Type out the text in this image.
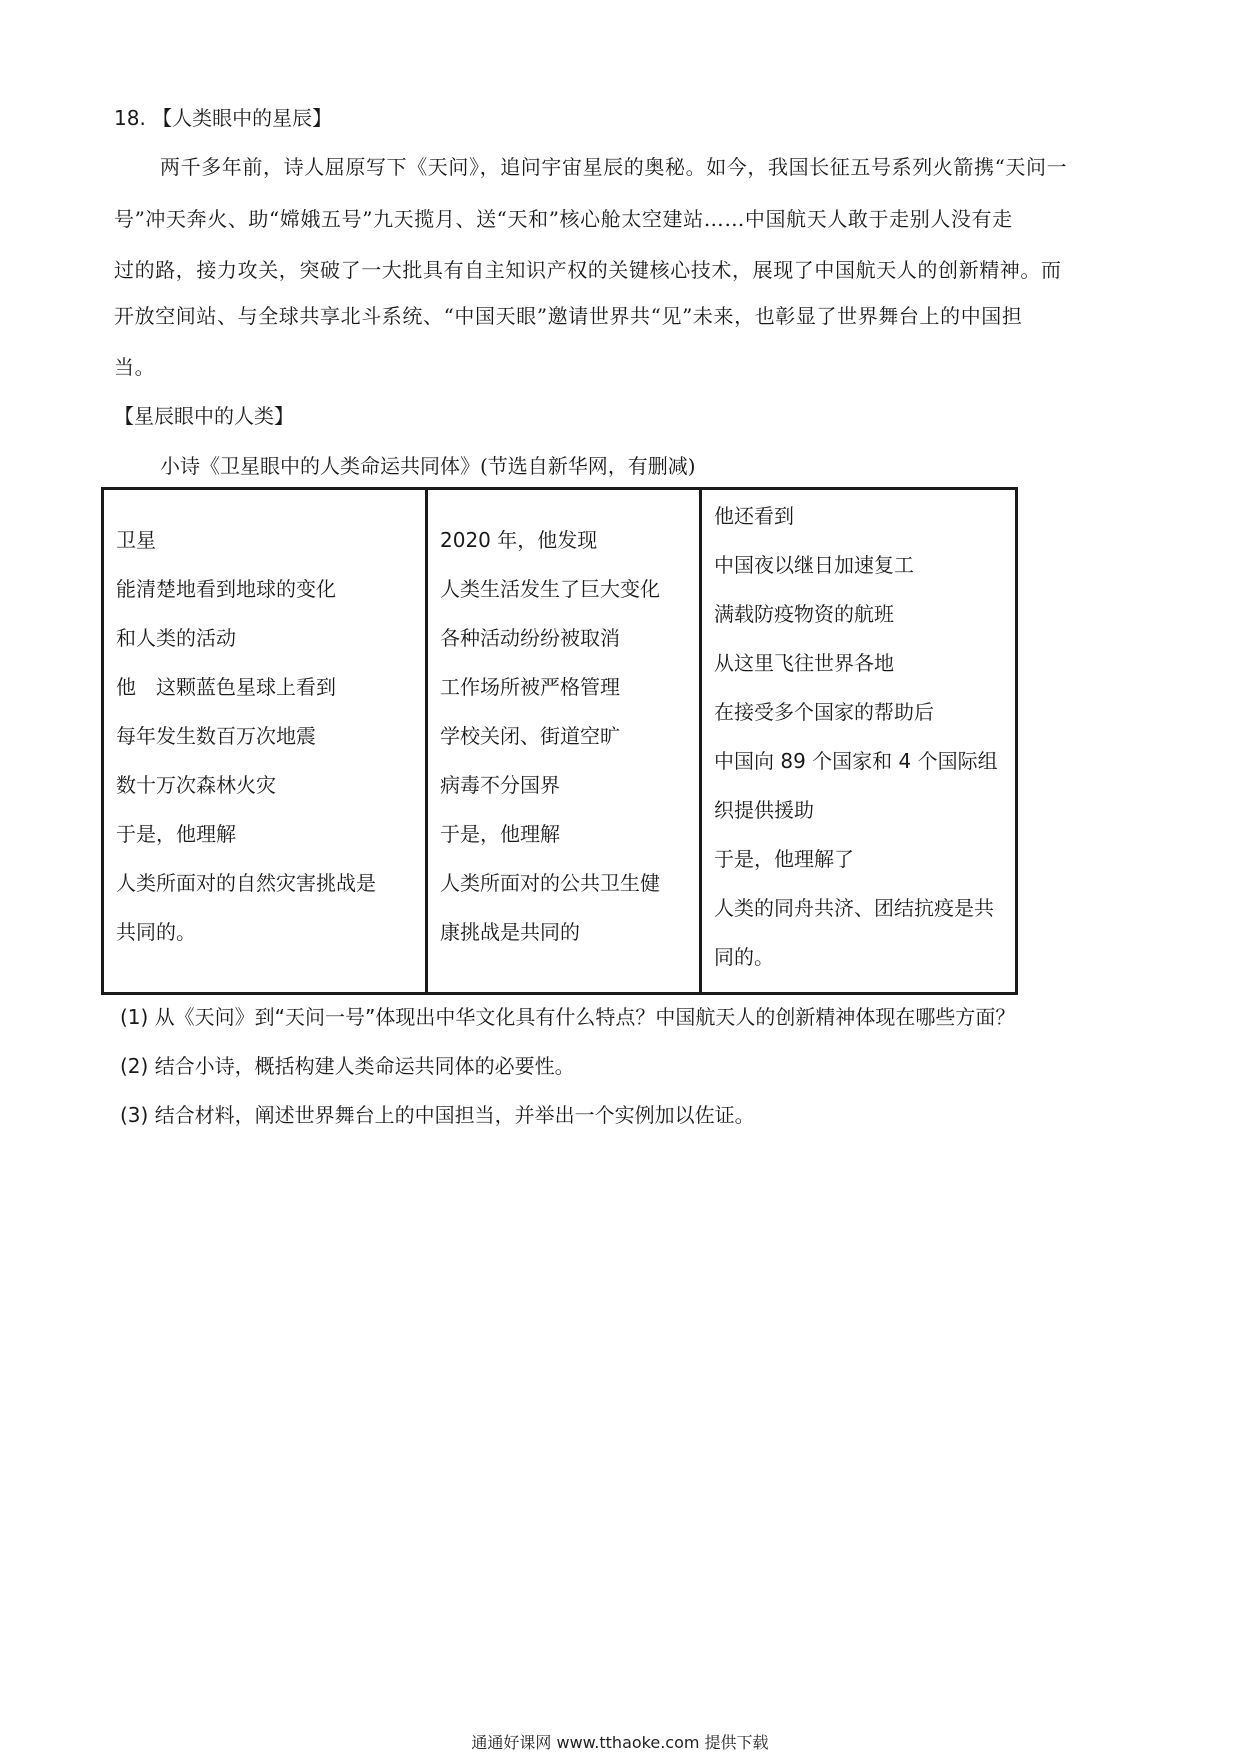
18. 【人类眼中的星辰】
两千多年前，诗人屈原写下《天问》，追问宇宙星辰的奥秘。如今，我国长征五号系列火箭携“天问一
号”冲天奔火、助“嫦娥五号”九天揽月、送“天和”核心舱太空建站……中国航天人敢于走别人没有走
过的路，接力攻关，突破了一大批具有自主知识产权的关键核心技术，展现了中国航天人的创新精神。而
开放空间站、与全球共享北斗系统、“中国天眼”邀请世界共“见”未来，也彰显了世界舞台上的中国担
当。
【星辰眼中的人类】
小诗《卫星眼中的人类命运共同体》(节选自新华网，有删减)
卫星
能清楚地看到地球的变化
和人类的活动
他　这颗蓝色星球上看到
每年发生数百万次地震
数十万次森林火灾
于是，他理解
人类所面对的自然灾害挑战是
共同的。

2020 年，他发现
人类生活发生了巨大变化
各种活动纷纷被取消
工作场所被严格管理
学校关闭、街道空旷
病毒不分国界
于是，他理解
人类所面对的公共卫生健
康挑战是共同的

他还看到
中国夜以继日加速复工
满载防疫物资的航班
从这里飞往世界各地
在接受多个国家的帮助后
中国向 89 个国家和 4 个国际组
织提供援助
于是，他理解了
人类的同舟共济、团结抗疫是共
同的。
(1) 从《天问》到“天问一号”体现出中华文化具有什么特点？中国航天人的创新精神体现在哪些方面？
(2) 结合小诗，概括构建人类命运共同体的必要性。
(3) 结合材料，阐述世界舞台上的中国担当，并举出一个实例加以佐证。
通通好课网 www.tthaoke.com 提供下载
